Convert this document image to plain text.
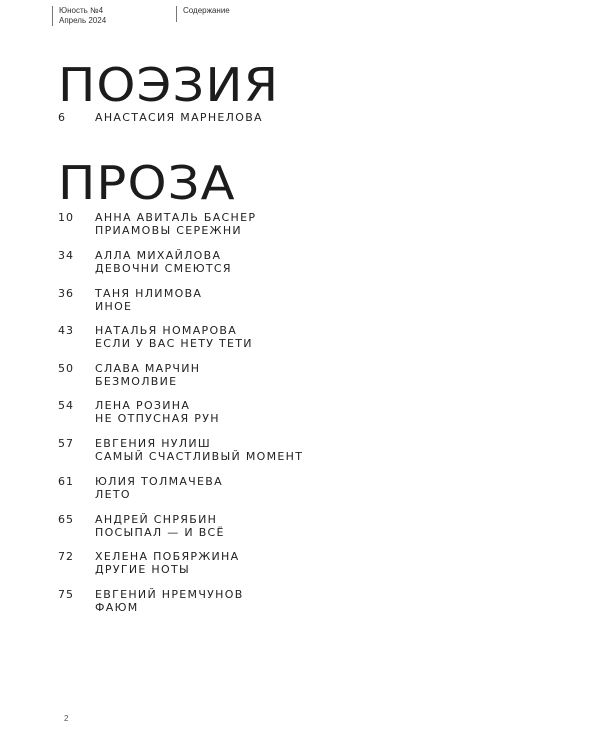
Юность №4
Апрель 2024
Содержание
ПОЭЗИЯ
6	АНАСТАСИЯ МАРНЕЛОВА
ПРОЗА
10	АННА АВИТАЛЬ БАСНЕР
ПРИАМОВЫ СЕРЕЖНИ
34	АЛЛА МИХАЙЛОВА
ДЕВОЧНИ СМЕЮТСЯ
36	ТАНЯ НЛИМОВА
ИНОЕ
43	НАТАЛЬЯ НОМАРОВА
ЕСЛИ У ВАС НЕТУ ТЕТИ
50	СЛАВА МАРЧИН
БЕЗМОЛВИЕ
54	ЛЕНА РОЗИНА
НЕ ОТПУСНАЯ РУН
57	ЕВГЕНИЯ НУЛИШ
САМЫЙ СЧАСТЛИВЫЙ МОМЕНТ
61	ЮЛИЯ ТОЛМАЧЕВА
ЛЕТО
65	АНДРЕЙ СНРЯБИН
ПОСЫПАЛ — И ВСЁ
72	ХЕЛЕНА ПОБЯРЖИНА
ДРУГИЕ НОТЫ
75	ЕВГЕНИЙ НРЕМЧУНОВ
ФАЮМ
2
